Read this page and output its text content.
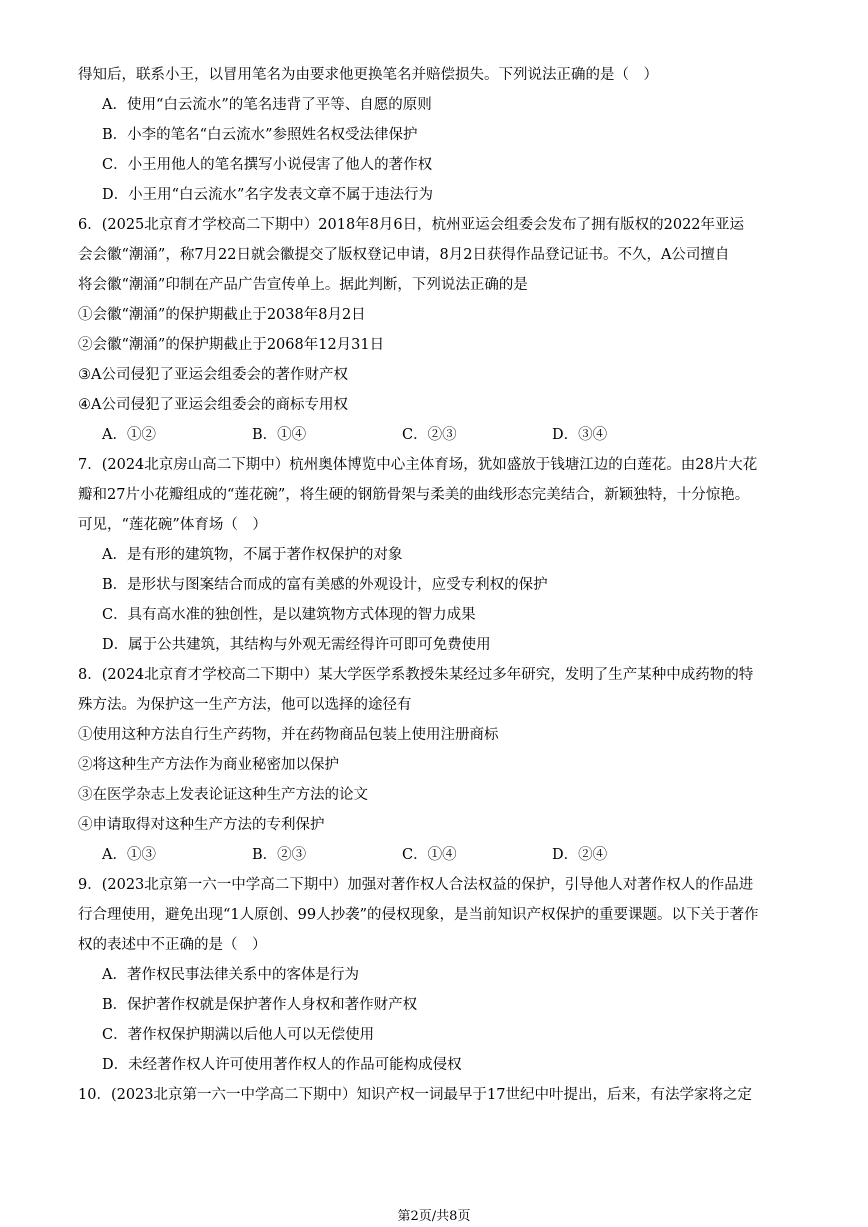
得知后，联系小王，以冒用笔名为由要求他更换笔名并赔偿损失。下列说法正确的是（　）
A．使用“白云流水”的笔名违背了平等、自愿的原则
B．小李的笔名“白云流水”参照姓名权受法律保护
C．小王用他人的笔名撰写小说侵害了他人的著作权
D．小王用“白云流水”名字发表文章不属于违法行为
6．(2025北京育才学校高二下期中）2018年8月6日，杭州亚运会组委会发布了拥有版权的2022年亚运
会会徽“潮涌”，称7月22日就会徽提交了版权登记申请，8月2日获得作品登记证书。不久，A公司擅自
将会徽“潮涌”印制在产品广告宣传单上。据此判断，下列说法正确的是
①会徽“潮涌”的保护期截止于2038年8月2日
②会徽“潮涌”的保护期截止于2068年12月31日
③A公司侵犯了亚运会组委会的著作财产权
④A公司侵犯了亚运会组委会的商标专用权
A．①②	B．①④	C．②③	D．③④
7．(2024北京房山高二下期中）杭州奥体博览中心主体育场，犹如盛放于钱塘江边的白莲花。由28片大花
瓣和27片小花瓣组成的“莲花碗”，将生硬的钢筋骨架与柔美的曲线形态完美结合，新颖独特，十分惊艳。
可见，“莲花碗”体育场（　）
A．是有形的建筑物，不属于著作权保护的对象
B．是形状与图案结合而成的富有美感的外观设计，应受专利权的保护
C．具有高水准的独创性，是以建筑物方式体现的智力成果
D．属于公共建筑，其结构与外观无需经得许可即可免费使用
8．(2024北京育才学校高二下期中）某大学医学系教授朱某经过多年研究，发明了生产某种中成药物的特
殊方法。为保护这一生产方法，他可以选择的途径有
①使用这种方法自行生产药物，并在药物商品包装上使用注册商标
②将这种生产方法作为商业秘密加以保护
③在医学杂志上发表论证这种生产方法的论文
④申请取得对这种生产方法的专利保护
A．①③	B．②③	C．①④	D．②④
9．(2023北京第一六一中学高二下期中）加强对著作权人合法权益的保护，引导他人对著作权人的作品进
行合理使用，避免出现“1人原创、99人抄袭”的侵权现象，是当前知识产权保护的重要课题。以下关于著作
权的表述中不正确的是（　）
A．著作权民事法律关系中的客体是行为
B．保护著作权就是保护著作人身权和著作财产权
C．著作权保护期满以后他人可以无偿使用
D．未经著作权人许可使用著作权人的作品可能构成侵权
10．(2023北京第一六一中学高二下期中）知识产权一词最早于17世纪中叶提出，后来，有法学家将之定
第2页/共8页
